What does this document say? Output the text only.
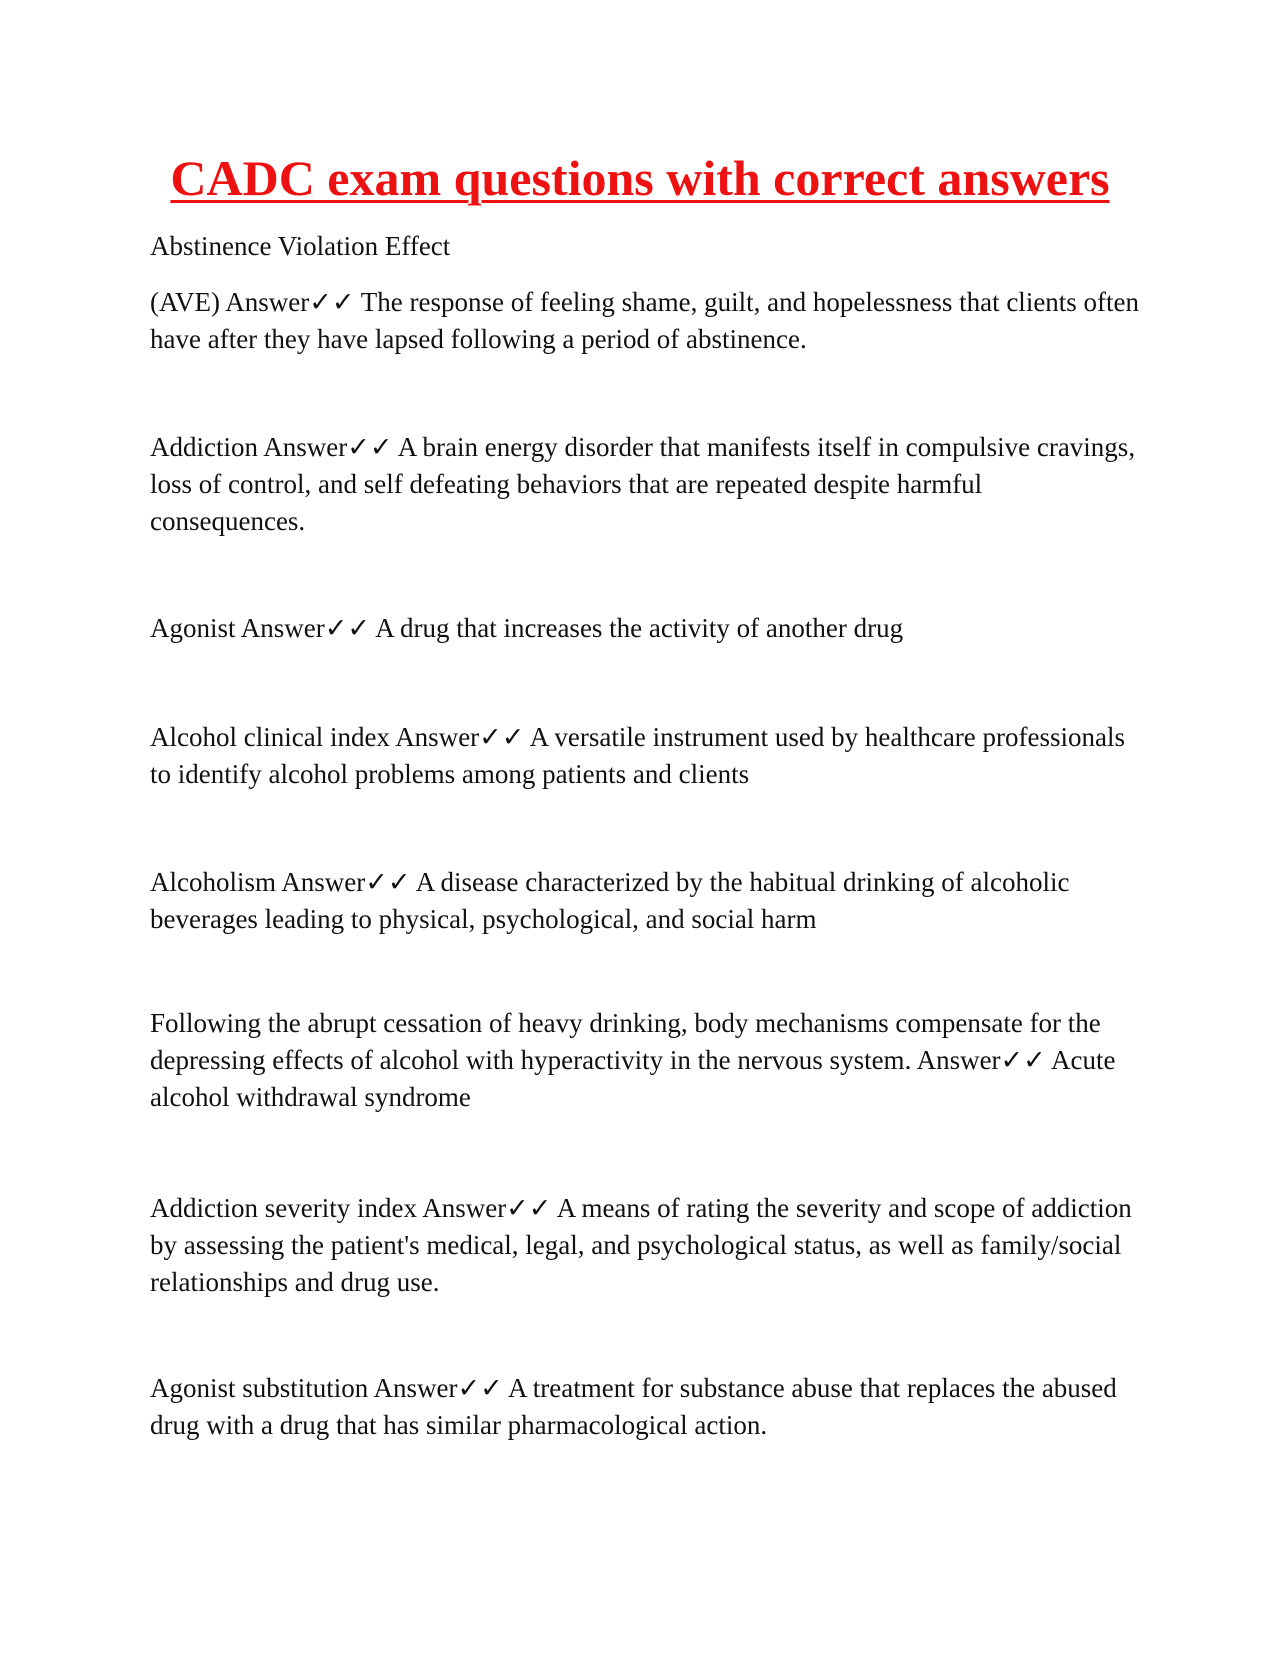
CADC exam questions with correct answers

Abstinence Violation Effect

(AVE) Answer✓✓ The response of feeling shame, guilt, and hopelessness that clients often have after they have lapsed following a period of abstinence.

Addiction Answer✓✓ A brain energy disorder that manifests itself in compulsive cravings, loss of control, and self defeating behaviors that are repeated despite harmful consequences.

Agonist Answer✓✓ A drug that increases the activity of another drug

Alcohol clinical index Answer✓✓ A versatile instrument used by healthcare professionals to identify alcohol problems among patients and clients

Alcoholism Answer✓✓ A disease characterized by the habitual drinking of alcoholic beverages leading to physical, psychological, and social harm

Following the abrupt cessation of heavy drinking, body mechanisms compensate for the depressing effects of alcohol with hyperactivity in the nervous system. Answer✓✓ Acute alcohol withdrawal syndrome

Addiction severity index Answer✓✓ A means of rating the severity and scope of addiction by assessing the patient's medical, legal, and psychological status, as well as family/social relationships and drug use.

Agonist substitution Answer✓✓ A treatment for substance abuse that replaces the abused drug with a drug that has similar pharmacological action.
